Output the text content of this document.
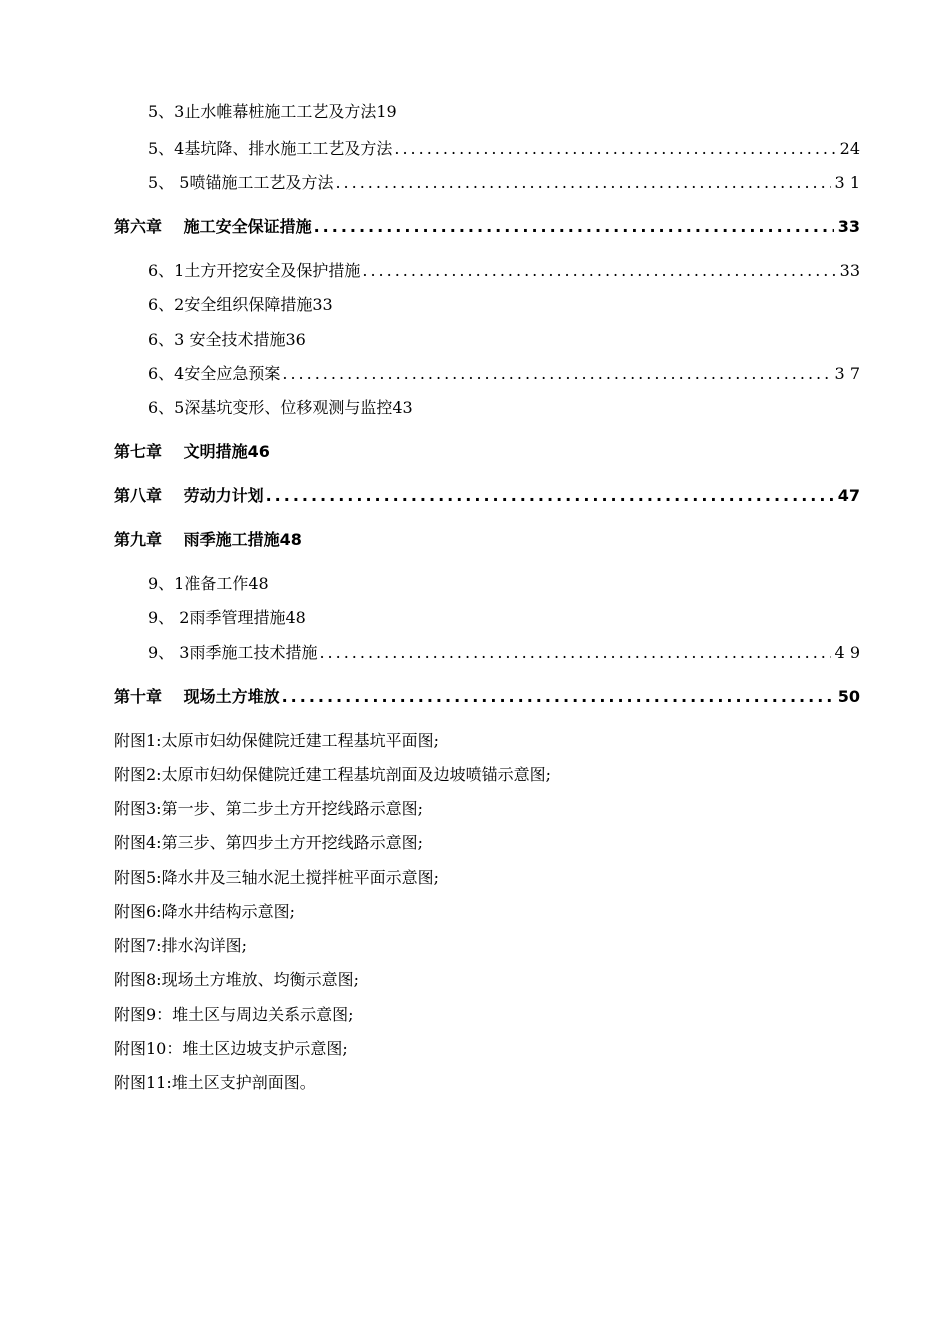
5、3止水帷幕桩施工工艺及方法19
5、4基坑降、排水施工工艺及方法 .....	24
5、 5喷锚施工工艺及方法 .....	3 1
第六章　 施工安全保证措施 .....	33
6、1土方开挖安全及保护措施 .....	33
6、2安全组织保障措施33
6、3 安全技术措施36
6、4安全应急预案 .....	3 7
6、5深基坑变形、位移观测与监控43
第七章　 文明措施46
第八章　 劳动力计划 .....	47
第九章　 雨季施工措施48
9、1准备工作48
9、 2雨季管理措施48
9、 3雨季施工技术措施 .....	4 9
第十章　 现场土方堆放 .....	50
附图1:太原市妇幼保健院迁建工程基坑平面图;
附图2:太原市妇幼保健院迁建工程基坑剖面及边坡喷锚示意图;
附图3:第一步、第二步土方开挖线路示意图;
附图4:第三步、第四步土方开挖线路示意图;
附图5:降水井及三轴水泥土搅拌桩平面示意图;
附图6:降水井结构示意图;
附图7:排水沟详图;
附图8:现场土方堆放、均衡示意图;
附图9：堆土区与周边关系示意图;
附图10：堆土区边坡支护示意图;
附图11:堆土区支护剖面图。
